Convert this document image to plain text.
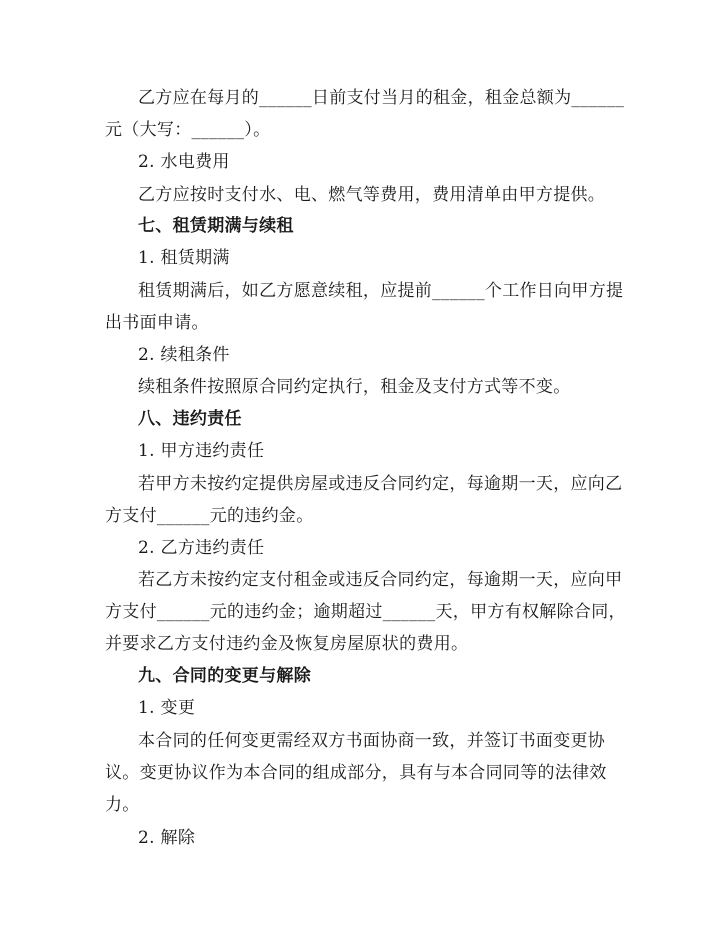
乙方应在每月的______日前支付当月的租金，租金总额为______
元（大写：______）。
2. 水电费用
乙方应按时支付水、电、燃气等费用，费用清单由甲方提供。
七、租赁期满与续租
1. 租赁期满
租赁期满后，如乙方愿意续租，应提前______个工作日向甲方提
出书面申请。
2. 续租条件
续租条件按照原合同约定执行，租金及支付方式等不变。
八、违约责任
1. 甲方违约责任
若甲方未按约定提供房屋或违反合同约定，每逾期一天，应向乙
方支付______元的违约金。
2. 乙方违约责任
若乙方未按约定支付租金或违反合同约定，每逾期一天，应向甲
方支付______元的违约金；逾期超过______天，甲方有权解除合同，
并要求乙方支付违约金及恢复房屋原状的费用。
九、合同的变更与解除
1. 变更
本合同的任何变更需经双方书面协商一致，并签订书面变更协
议。变更协议作为本合同的组成部分，具有与本合同同等的法律效
力。
2. 解除
